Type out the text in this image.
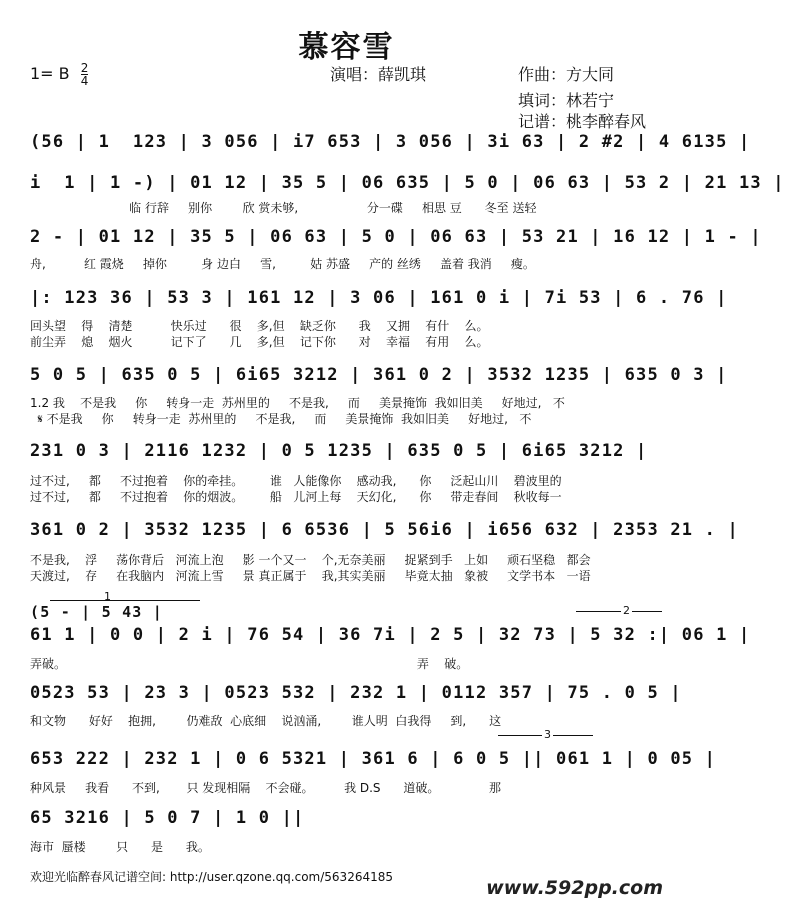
慕容雪
1= B $\frac{2}{4}$	演唱：薛凯琪	作曲：方大同
填词：林若宁
记谱：桃李醉春风
(56 | 1  123 | 3 056 | i7 653 | 3 056 | 3i 63 | 2 #2 | 4 6135 |
i  1 | 1 -) | 01 12 | 35 5 | 06 635 | 5 0 | 06 63 | 53 2 | 21 13 |
2 - | 01 12 | 35 5 | 06 63 | 5 0 | 06 63 | 53 21 | 16 12 | 1 - |
|: 123 36 | 53 3 | 161 12 | 3 06 | 161 0 i | 7i 53 | 6 . 76 |
5 0 5 | 635 0 5 | 6i65 3212 | 361 0 2 | 3532 1235 | 635 0 3 |
231 0 3 | 2116 1232 | 0 5 1235 | 635 0 5 | 6i65 3212 |
361 0 2 | 3532 1235 | 6 6536 | 5 56i6 | i656 632 | 2353 21 . |
(5 - | 5 43 |
61 1 | 0 0 | 2 i | 76 54 | 36 7i | 2 5 | 32 73 | 5 32 :| 06 1 |
0523 53 | 23 3 | 0523 532 | 232 1 | 0112 357 | 75 . 0 5 |
653 222 | 232 1 | 0 6 5321 | 361 6 | 6 0 5 || 061 1 | 0 05 |
65 3216 | 5 0 7 | 1 0 ||
临 行辞     别你        欣 赏未够,                  分一碟     相思 豆      冬至 送轻
舟,          红 霞烧     掉你         身 边白     雪,         姑 苏盛     产的 丝绣     盖着 我消     瘦。
回头望    得    清楚          快乐过      很    多,但    缺乏你      我    又拥    有什    么。
前尘弄    熄    烟火          记下了      几    多,但    记下你      对    幸福    有用    么。
1.2 我    不是我     你     转身一走  苏州里的     不是我,     而     美景掩饰  我如旧美     好地过,   不
𝄋 不是我     你     转身一走  苏州里的     不是我,     而     美景掩饰  我如旧美     好地过,   不
过不过,     都     不过抱着    你的牵挂。       谁   人能像你    感动我,      你     泛起山川    碧波里的
过不过,     都     不过抱着    你的烟波。       船   儿河上每    天幻化,      你     带走春间    秋收每一
不是我,    浮     荡你背后   河流上泡     影 一个又一    个,无奈美丽     捉紧到手   上如     顽石坚稳   都会
天渡过,    存     在我脑内   河流上雪     景 真正属于    我,其实美丽     毕竟太抽   象被     文学书本   一语
弄破。                                                                                            弄    破。
和文物      好好    抱拥,        仍难敌  心底细    说汹涌,        谁人明  白我得     到,      这
种风景     我看      不到,       只 发现相隔    不会碰。        我 D.S      道破。             那
海市  蜃楼        只      是      我。
1
2
3
欢迎光临醉春风记谱空间: http://user.qzone.qq.com/563264185	www.592pp.com
